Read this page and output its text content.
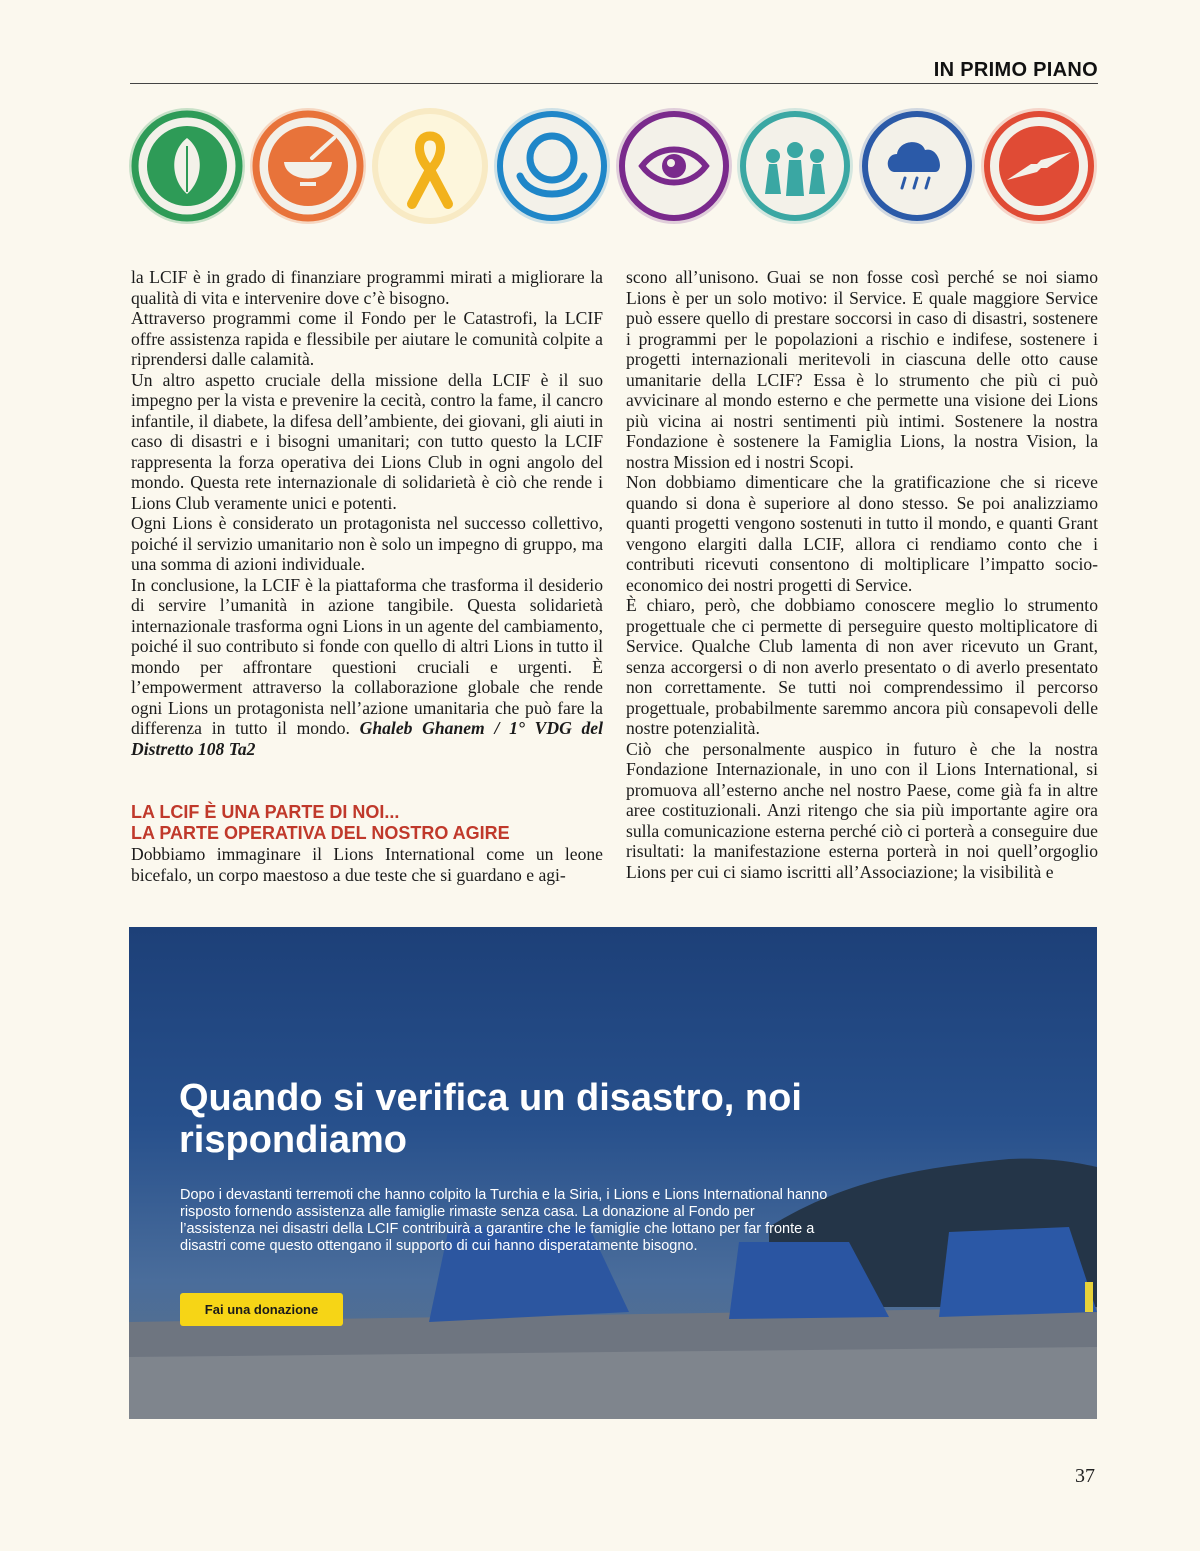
IN PRIMO PIANO

la LCIF è in grado di finanziare programmi mirati a migliorare la qualità di vita e intervenire dove c’è bisogno.

Attraverso programmi come il Fondo per le Catastrofi, la LCIF offre assistenza rapida e flessibile per aiutare le comunità colpite a riprendersi dalle calamità.

Un altro aspetto cruciale della missione della LCIF è il suo impegno per la vista e prevenire la cecità, contro la fame, il cancro infantile, il diabete, la difesa dell’ambiente, dei giovani, gli aiuti in caso di disastri e i bisogni umanitari; con tutto questo la LCIF rappresenta la forza operativa dei Lions Club in ogni angolo del mondo. Questa rete internazionale di solidarietà è ciò che rende i Lions Club veramente unici e potenti.

Ogni Lions è considerato un protagonista nel successo collettivo, poiché il servizio umanitario non è solo un impegno di gruppo, ma una somma di azioni individuale.

In conclusione, la LCIF è la piattaforma che trasforma il desiderio di servire l’umanità in azione tangibile. Questa solidarietà internazionale trasforma ogni Lions in un agente del cambiamento, poiché il suo contributo si fonde con quello di altri Lions in tutto il mondo per affrontare questioni cruciali e urgenti. È l’empowerment attraverso la collaborazione globale che rende ogni Lions un protagonista nell’azione umanitaria che può fare la differenza in tutto il mondo. Ghaleb Ghanem / 1° VDG del Distretto 108 Ta2

LA LCIF È UNA PARTE DI NOI...
LA PARTE OPERATIVA DEL NOSTRO AGIRE

Dobbiamo immaginare il Lions International come un leone bicefalo, un corpo maestoso a due teste che si guardano e agi-

scono all’unisono. Guai se non fosse così perché se noi siamo Lions è per un solo motivo: il Service. E quale maggiore Service può essere quello di prestare soccorsi in caso di disastri, sostenere i programmi per le popolazioni a rischio e indifese, sostenere i progetti internazionali meritevoli in ciascuna delle otto cause umanitarie della LCIF? Essa è lo strumento che più ci può avvicinare al mondo esterno e che permette una visione dei Lions più vicina ai nostri sentimenti più intimi. Sostenere la nostra Fondazione è sostenere la Famiglia Lions, la nostra Vision, la nostra Mission ed i nostri Scopi.

Non dobbiamo dimenticare che la gratificazione che si riceve quando si dona è superiore al dono stesso. Se poi analizziamo quanti progetti vengono sostenuti in tutto il mondo, e quanti Grant vengono elargiti dalla LCIF, allora ci rendiamo conto che i contributi ricevuti consentono di moltiplicare l’impatto socio-economico dei nostri progetti di Service.

È chiaro, però, che dobbiamo conoscere meglio lo strumento progettuale che ci permette di perseguire questo moltiplicatore di Service. Qualche Club lamenta di non aver ricevuto un Grant, senza accorgersi o di non averlo presentato o di averlo presentato non correttamente. Se tutti noi comprendessimo il percorso progettuale, probabilmente saremmo ancora più consapevoli delle nostre potenzialità.

Ciò che personalmente auspico in futuro è che la nostra Fondazione Internazionale, in uno con il Lions International, si promuova all’esterno anche nel nostro Paese, come già fa in altre aree costituzionali. Anzi ritengo che sia più importante agire ora sulla comunicazione esterna perché ciò ci porterà a conseguire due risultati: la manifestazione esterna porterà in noi quell’orgoglio Lions per cui ci siamo iscritti all’Associazione; la visibilità e

Quando si verifica un disastro, noi rispondiamo
Dopo i devastanti terremoti che hanno colpito la Turchia e la Siria, i Lions e Lions International hanno risposto fornendo assistenza alle famiglie rimaste senza casa. La donazione al Fondo per l’assistenza nei disastri della LCIF contribuirà a garantire che le famiglie che lottano per far fronte a disastri come questo ottengano il supporto di cui hanno disperatamente bisogno.
Fai una donazione
37
